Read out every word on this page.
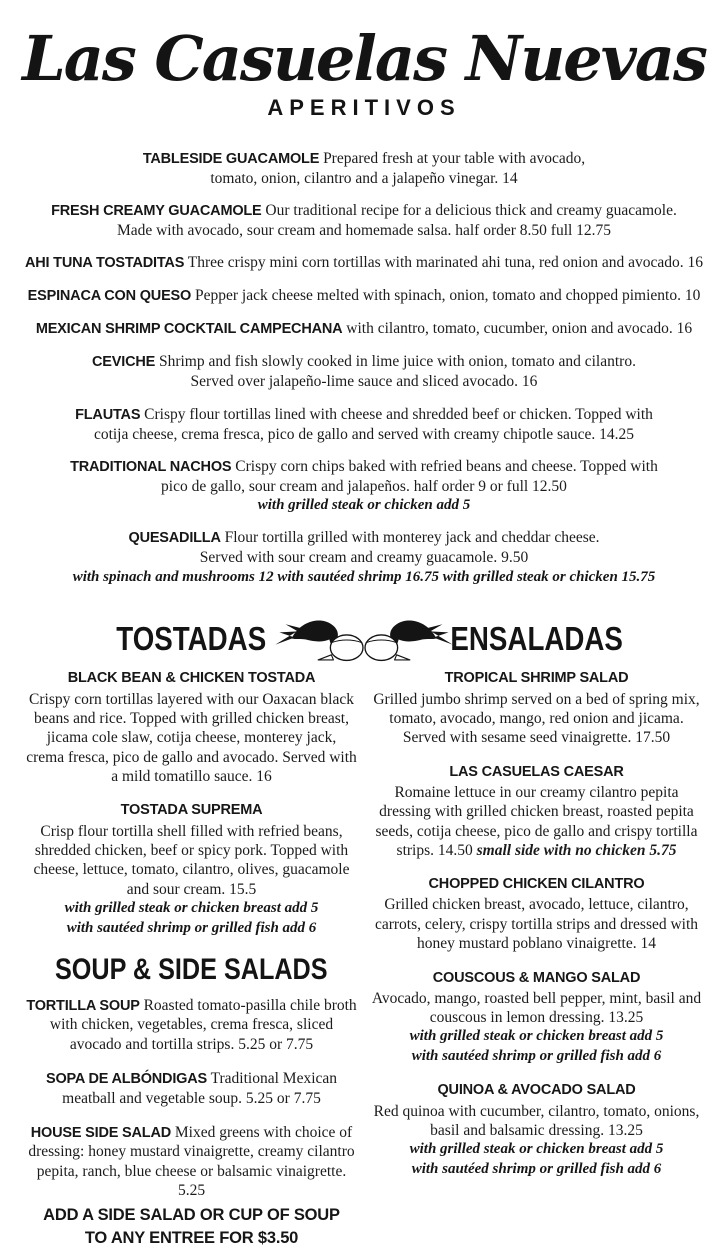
Las Casuelas Nuevas
APERITIVOS

TABLESIDE GUACAMOLE Prepared fresh at your table with avocado, tomato, onion, cilantro and a jalapeño vinegar. 14

FRESH CREAMY GUACAMOLE Our traditional recipe for a delicious thick and creamy guacamole. Made with avocado, sour cream and homemade salsa. half order 8.50 full 12.75

AHI TUNA TOSTADITAS Three crispy mini corn tortillas with marinated ahi tuna, red onion and avocado. 16

ESPINACA CON QUESO Pepper jack cheese melted with spinach, onion, tomato and chopped pimiento. 10

MEXICAN SHRIMP COCKTAIL CAMPECHANA with cilantro, tomato, cucumber, onion and avocado. 16

CEVICHE Shrimp and fish slowly cooked in lime juice with onion, tomato and cilantro. Served over jalapeño-lime sauce and sliced avocado. 16

FLAUTAS Crispy flour tortillas lined with cheese and shredded beef or chicken. Topped with cotija cheese, crema fresca, pico de gallo and served with creamy chipotle sauce. 14.25

TRADITIONAL NACHOS Crispy corn chips baked with refried beans and cheese. Topped with pico de gallo, sour cream and jalapeños. half order 9 or full 12.50

with grilled steak or chicken add 5

QUESADILLA Flour tortilla grilled with monterey jack and cheddar cheese. Served with sour cream and creamy guacamole. 9.50

with spinach and mushrooms 12 with sautéed shrimp 16.75 with grilled steak or chicken 15.75

TOSTADAS
BLACK BEAN & CHICKEN TOSTADA
Crispy corn tortillas layered with our Oaxacan black beans and rice. Topped with grilled chicken breast, jicama cole slaw, cotija cheese, monterey jack, crema fresca, pico de gallo and avocado. Served with a mild tomatillo sauce. 16
TOSTADA SUPREMA
Crisp flour tortilla shell filled with refried beans, shredded chicken, beef or spicy pork. Topped with cheese, lettuce, tomato, cilantro, olives, guacamole and sour cream. 15.5

with grilled steak or chicken breast add 5

with sautéed shrimp or grilled fish add 6

SOUP & SIDE SALADS
TORTILLA SOUP Roasted tomato-pasilla chile broth with chicken, vegetables, crema fresca, sliced avocado and tortilla strips. 5.25 or 7.75
SOPA DE ALBÓNDIGAS Traditional Mexican meatball and vegetable soup. 5.25 or 7.75
HOUSE SIDE SALAD Mixed greens with choice of dressing: honey mustard vinaigrette, creamy cilantro pepita, ranch, blue cheese or balsamic vinaigrette. 5.25
ADD A SIDE SALAD OR CUP OF SOUP
TO ANY ENTREE FOR $3.50
ENSALADAS
TROPICAL SHRIMP SALAD
Grilled jumbo shrimp served on a bed of spring mix, tomato, avocado, mango, red onion and jicama. Served with sesame seed vinaigrette. 17.50
LAS CASUELAS CAESAR
Romaine lettuce in our creamy cilantro pepita dressing with grilled chicken breast, roasted pepita seeds, cotija cheese, pico de gallo and crispy tortilla strips. 14.50 small side with no chicken 5.75
CHOPPED CHICKEN CILANTRO
Grilled chicken breast, avocado, lettuce, cilantro, carrots, celery, crispy tortilla strips and dressed with honey mustard poblano vinaigrette. 14
COUSCOUS & MANGO SALAD
Avocado, mango, roasted bell pepper, mint, basil and couscous in lemon dressing. 13.25

with grilled steak or chicken breast add 5

with sautéed shrimp or grilled fish add 6

QUINOA & AVOCADO SALAD
Red quinoa with cucumber, cilantro, tomato, onions, basil and balsamic dressing. 13.25

with grilled steak or chicken breast add 5

with sautéed shrimp or grilled fish add 6
